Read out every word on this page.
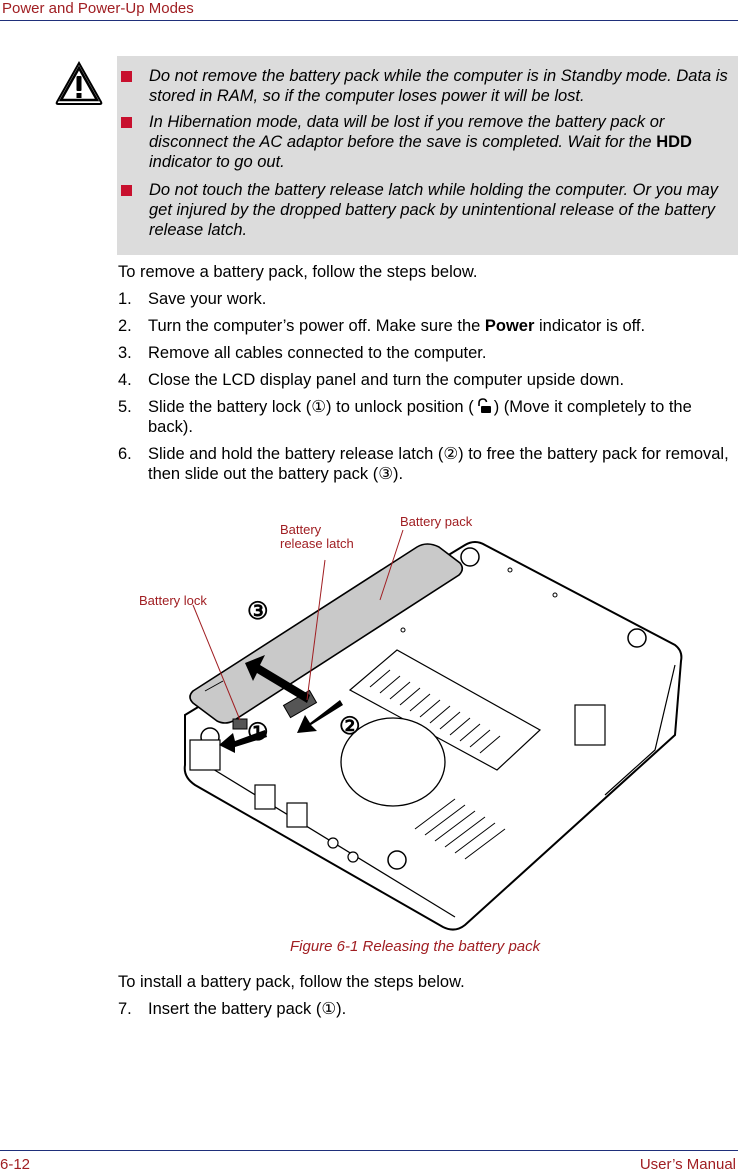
Power and Power-Up Modes
Do not remove the battery pack while the computer is in Standby mode. Data is stored in RAM, so if the computer loses power it will be lost.
In Hibernation mode, data will be lost if you remove the battery pack or disconnect the AC adaptor before the save is completed. Wait for the HDD indicator to go out.
Do not touch the battery release latch while holding the computer. Or you may get injured by the dropped battery pack by unintentional release of the battery release latch.
To remove a battery pack, follow the steps below.
1. Save your work.
2. Turn the computer’s power off. Make sure the Power indicator is off.
3. Remove all cables connected to the computer.
4. Close the LCD display panel and turn the computer upside down.
5. Slide the battery lock (①) to unlock position ( ) (Move it completely to the back).
6. Slide and hold the battery release latch (②) to free the battery pack for removal, then slide out the battery pack (③).
Battery lock
Battery
release latch
Battery pack
③
②
①
Figure 6-1 Releasing the battery pack
To install a battery pack, follow the steps below.
7. Insert the battery pack (①).
6-12	User’s Manual
